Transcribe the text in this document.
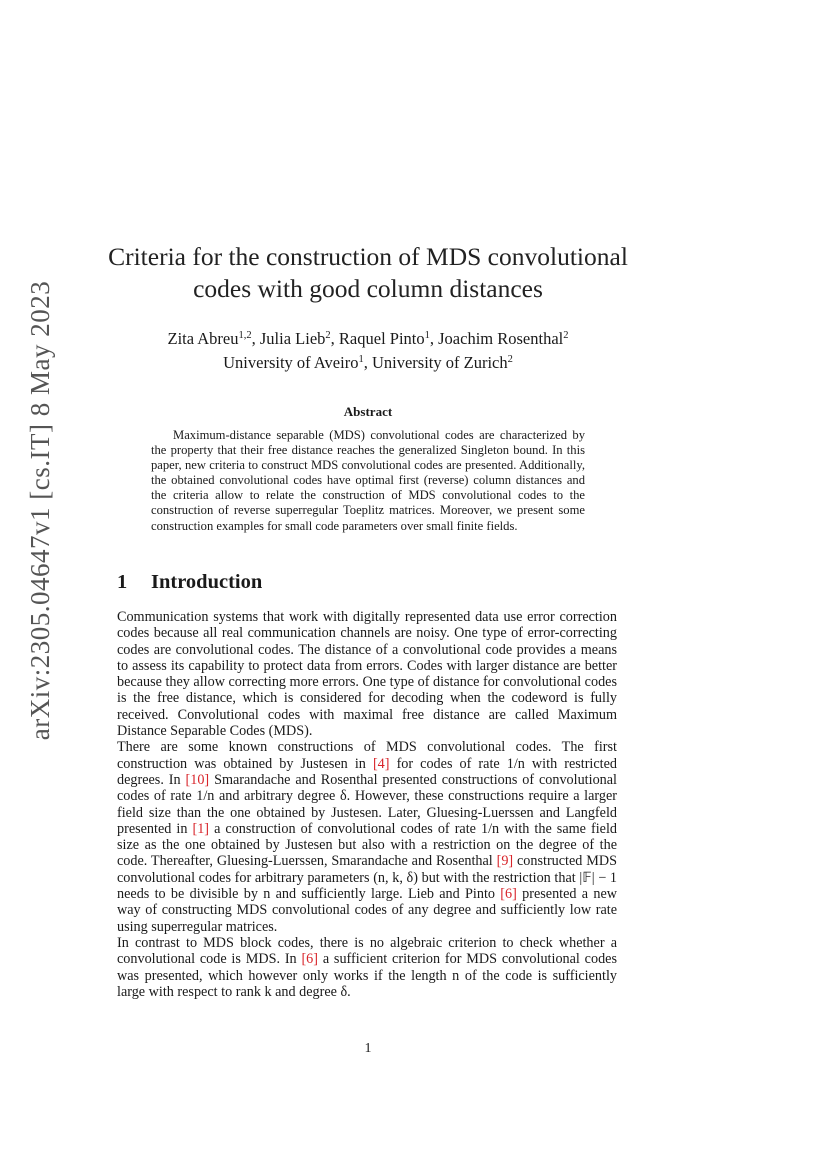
arXiv:2305.04647v1 [cs.IT] 8 May 2023
Criteria for the construction of MDS convolutional
codes with good column distances
Zita Abreu$^{1,2}$, Julia Lieb$^2$, Raquel Pinto$^1$, Joachim Rosenthal$^2$
University of Aveiro$^1$, University of Zurich$^2$
Abstract

Maximum-distance separable (MDS) convolutional codes are characterized by the property that their free distance reaches the generalized Singleton bound. In this paper, new criteria to construct MDS convolutional codes are presented. Additionally, the obtained convolutional codes have optimal first (reverse) column distances and the criteria allow to relate the construction of MDS convolutional codes to the construction of reverse superregular Toeplitz matrices. Moreover, we present some construction examples for small code parameters over small finite fields.

1 Introduction

Communication systems that work with digitally represented data use error correction codes because all real communication channels are noisy. One type of error-correcting codes are convolutional codes. The distance of a convolutional code provides a means to assess its capability to protect data from errors. Codes with larger distance are better because they allow correcting more errors. One type of distance for convolutional codes is the free distance, which is considered for decoding when the codeword is fully received. Convolutional codes with maximal free distance are called Maximum Distance Separable Codes (MDS).

There are some known constructions of MDS convolutional codes. The first construction was obtained by Justesen in [4] for codes of rate 1/n with restricted degrees. In [10] Smarandache and Rosenthal presented constructions of convolutional codes of rate 1/n and arbitrary degree δ. However, these constructions require a larger field size than the one obtained by Justesen. Later, Gluesing-Luerssen and Langfeld presented in [1] a construction of convolutional codes of rate 1/n with the same field size as the one obtained by Justesen but also with a restriction on the degree of the code. Thereafter, Gluesing-Luerssen, Smarandache and Rosenthal [9] constructed MDS convolutional codes for arbitrary parameters (n, k, δ) but with the restriction that |𝔽| − 1 needs to be divisible by n and sufficiently large. Lieb and Pinto [6] presented a new way of constructing MDS convolutional codes of any degree and sufficiently low rate using superregular matrices.

In contrast to MDS block codes, there is no algebraic criterion to check whether a convolutional code is MDS. In [6] a sufficient criterion for MDS convolutional codes was presented, which however only works if the length n of the code is sufficiently large with respect to rank k and degree δ.

1
